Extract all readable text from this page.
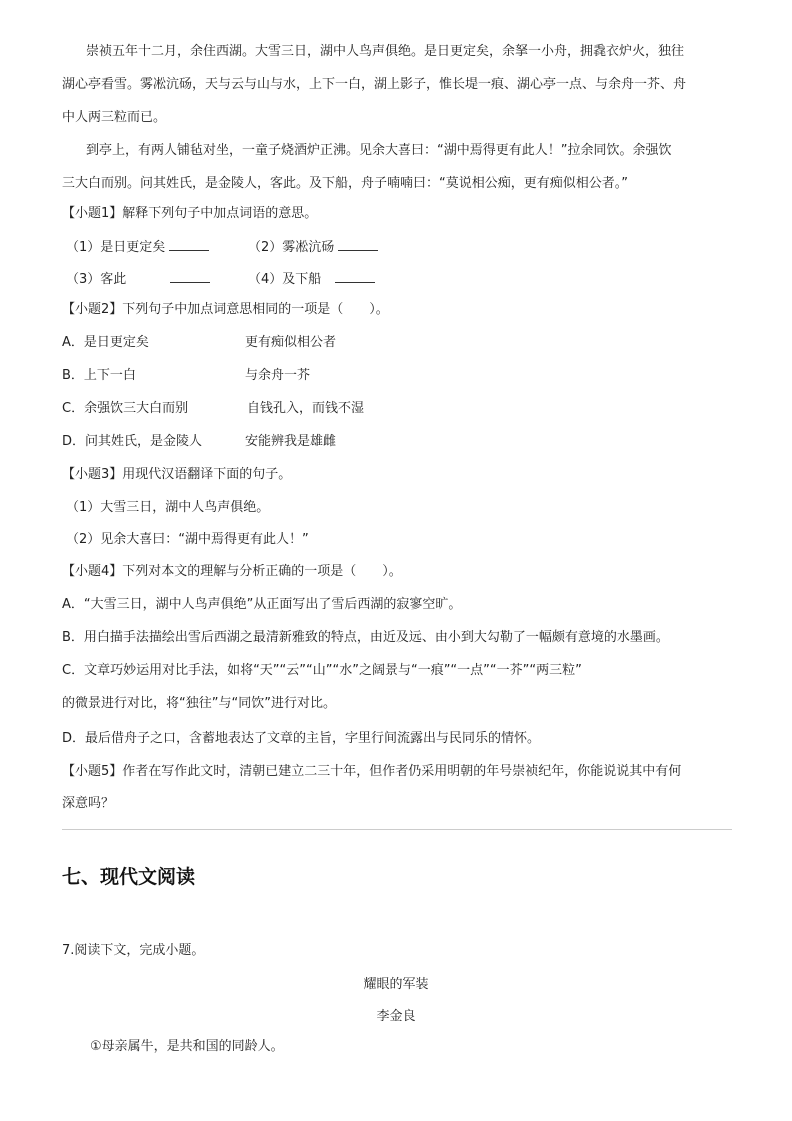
崇祯五年十二月，余住西湖。大雪三日，湖中人鸟声俱绝。是日更定矣，余拏一小舟，拥毳衣炉火，独往
湖心亭看雪。雾凇沆砀，天与云与山与水，上下一白，湖上影子，惟长堤一痕、湖心亭一点、与余舟一芥、舟
中人两三粒而已。
到亭上，有两人铺毡对坐，一童子烧酒炉正沸。见余大喜曰：“湖中焉得更有此人！”拉余同饮。余强饮
三大白而别。问其姓氏，是金陵人，客此。及下船，舟子喃喃曰：“莫说相公痴，更有痴似相公者。”
【小题1】解释下列句子中加点词语的意思。
（1）是日更定矣	（2）雾凇沆砀
（3）客此	（4）及下船
【小题2】下列句子中加点词意思相同的一项是（　　）。
A．是日更定矣	更有痴似相公者
B．上下一白	与余舟一芥
C．余强饮三大白而别	自钱孔入，而钱不湿
D．问其姓氏，是金陵人	安能辨我是雄雌
【小题3】用现代汉语翻译下面的句子。
（1）大雪三日，湖中人鸟声俱绝。
（2）见余大喜曰：“湖中焉得更有此人！”
【小题4】下列对本文的理解与分析正确的一项是（　　）。
A．“大雪三日，湖中人鸟声俱绝”从正面写出了雪后西湖的寂寥空旷。
B．用白描手法描绘出雪后西湖之最清新雅致的特点，由近及远、由小到大勾勒了一幅颇有意境的水墨画。
C．文章巧妙运用对比手法，如将“天”“云”“山”“水”之阔景与“一痕”“一点”“一芥”“两三粒”
的微景进行对比，将“独往”与“同饮”进行对比。
D．最后借舟子之口，含蓄地表达了文章的主旨，字里行间流露出与民同乐的情怀。
【小题5】作者在写作此文时，清朝已建立二三十年，但作者仍采用明朝的年号崇祯纪年，你能说说其中有何
深意吗？
七、现代文阅读
7.阅读下文，完成小题。
耀眼的军装
李金良
①母亲属牛，是共和国的同龄人。
